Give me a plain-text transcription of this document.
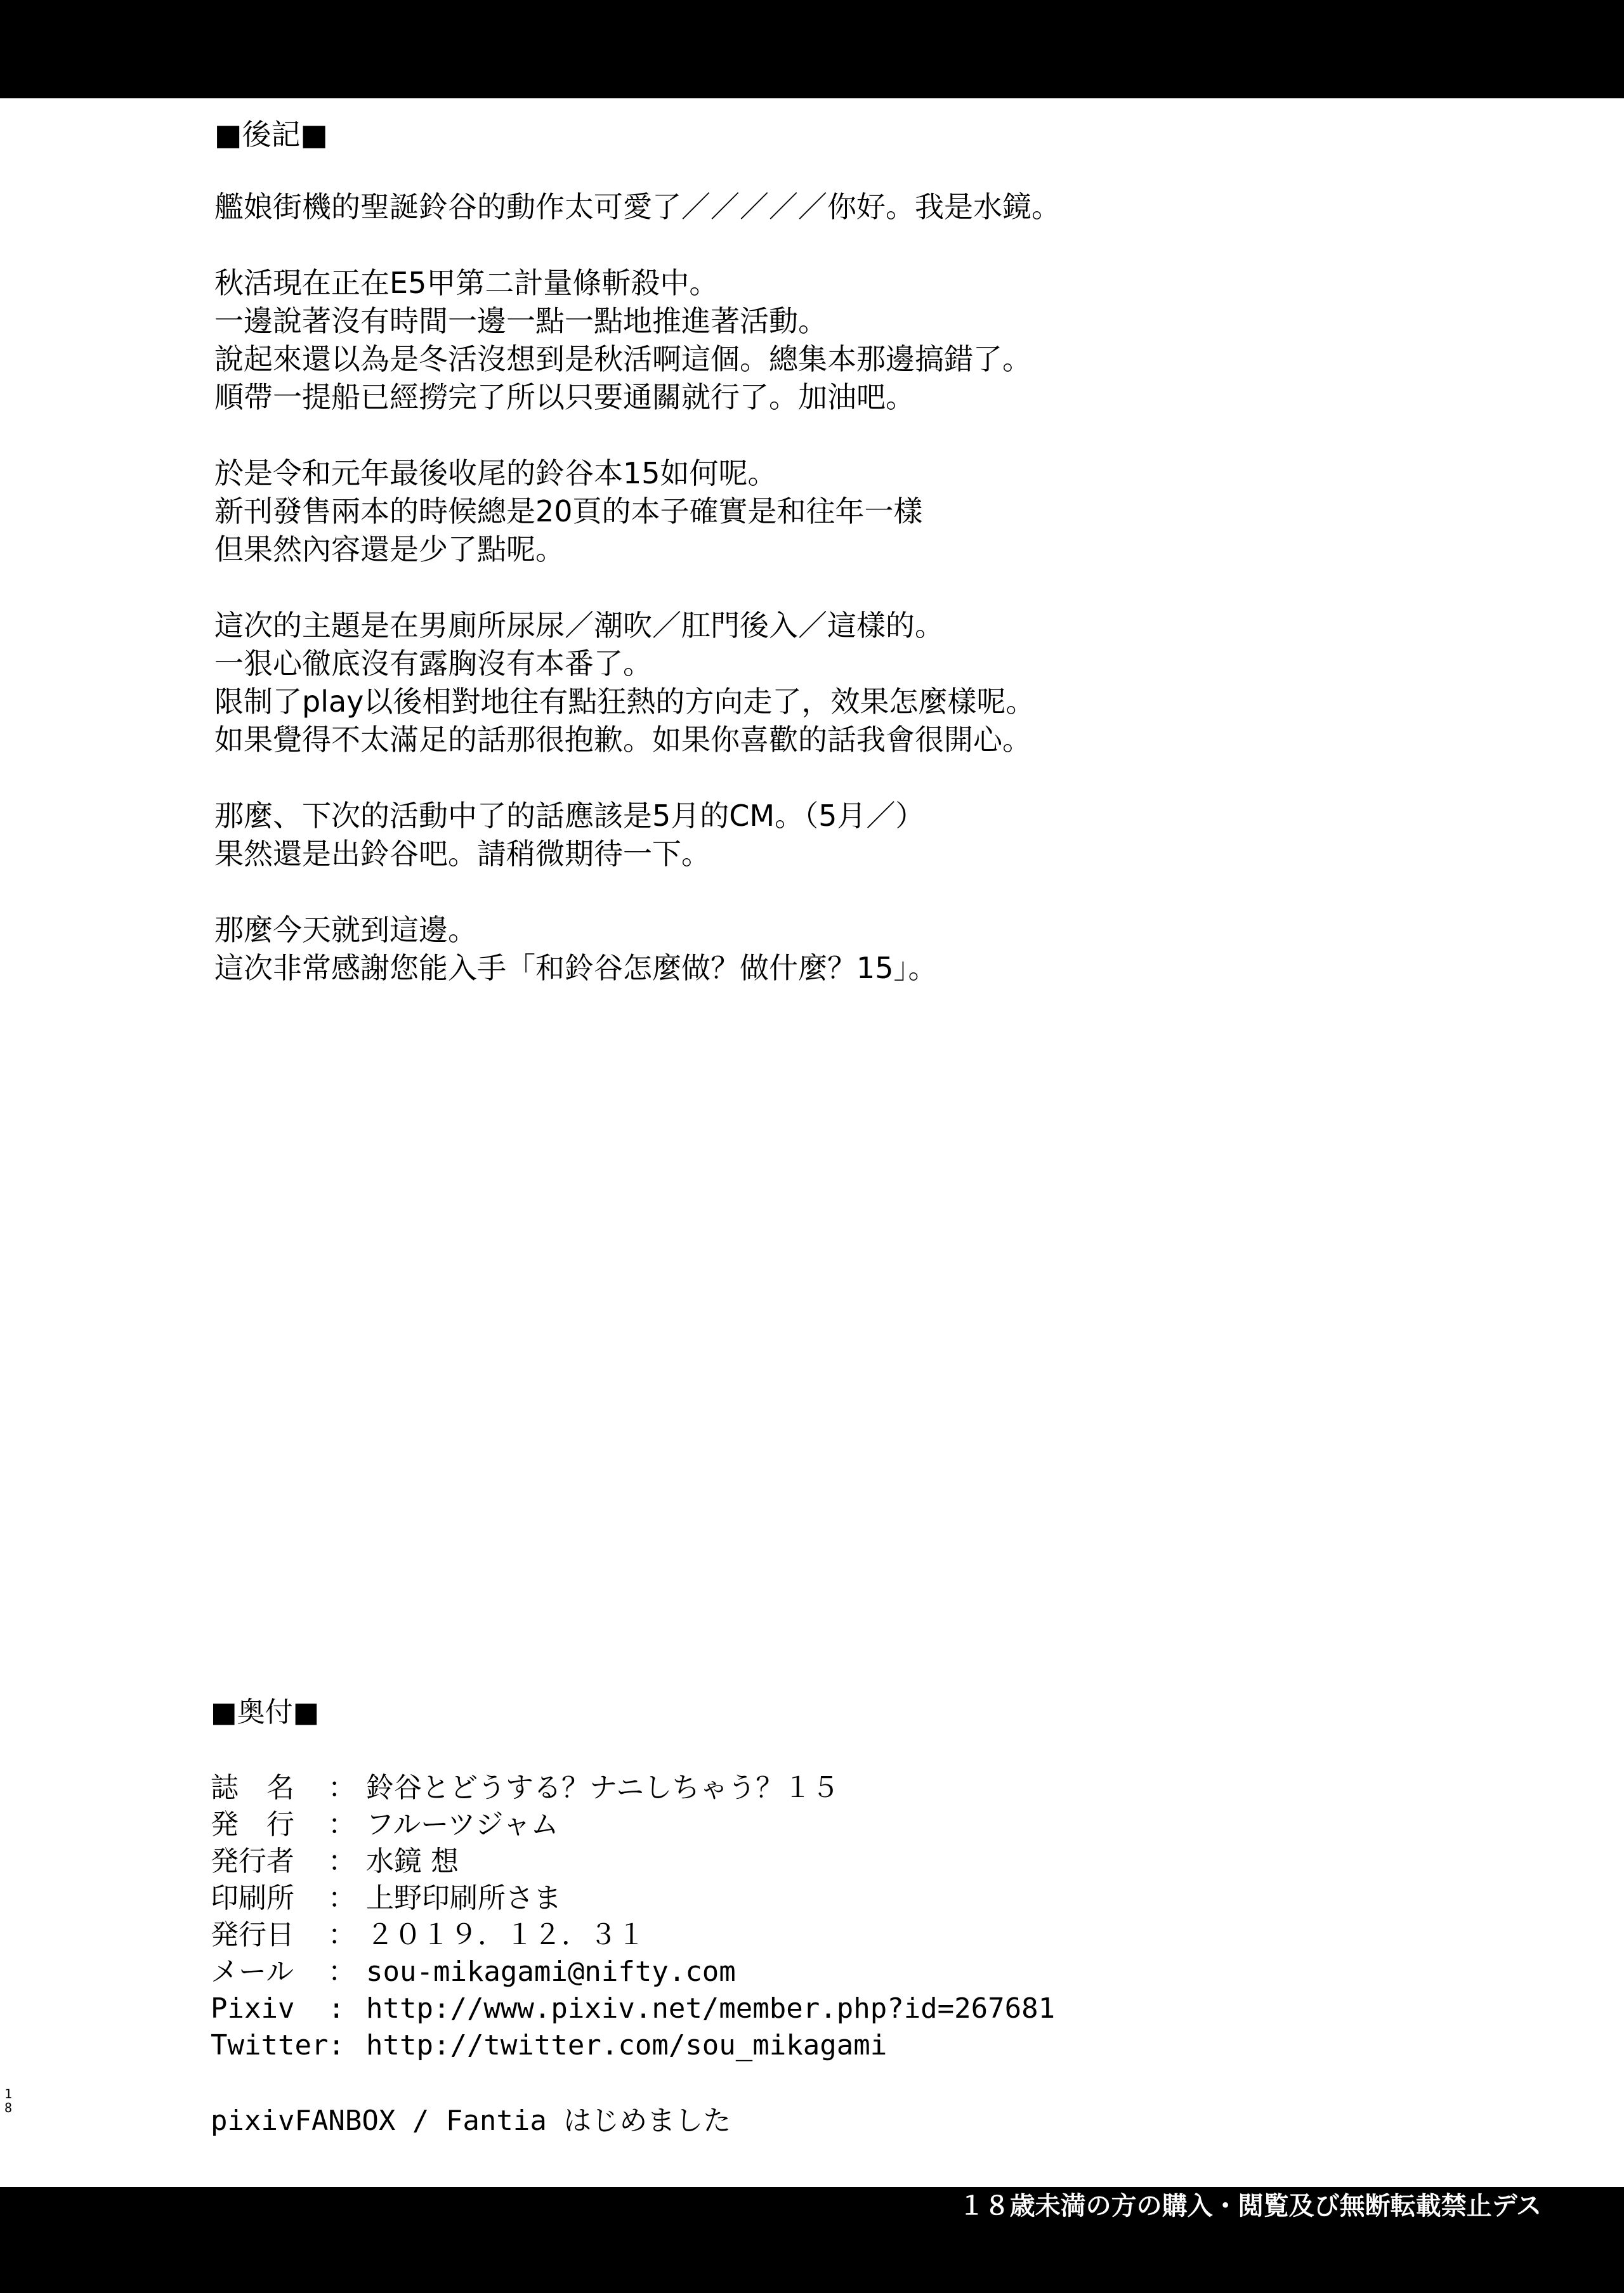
■後記■
艦娘街機的聖誕鈴谷的動作太可愛了／／／／／你好。我是水鏡。
秋活現在正在E5甲第二計量條斬殺中。
一邊說著沒有時間一邊一點一點地推進著活動。
說起來還以為是冬活沒想到是秋活啊這個。總集本那邊搞錯了。
順帶一提船已經撈完了所以只要通關就行了。加油吧。
於是令和元年最後收尾的鈴谷本15如何呢。
新刊發售兩本的時候總是20頁的本子確實是和往年一樣
但果然內容還是少了點呢。
這次的主題是在男廁所尿尿／潮吹／肛門後入／這樣的。
一狠心徹底沒有露胸沒有本番了。
限制了play以後相對地往有點狂熱的方向走了，效果怎麼樣呢。
如果覺得不太滿足的話那很抱歉。如果你喜歡的話我會很開心。
那麼、下次的活動中了的話應該是5月的CM。（5月／）
果然還是出鈴谷吧。請稍微期待一下。
那麼今天就到這邊。
這次非常感謝您能入手「和鈴谷怎麼做？做什麼？15」。
■奥付■
誌　名	： 鈴谷とどうする？ナニしちゃう？１５
発　行	： フルーツジャム
発行者	： 水鏡 想
印刷所	： 上野印刷所さま
発行日	： ２０１９．１２．３１
メール	： sou-mikagami@nifty.com
Pixiv	: http://www.pixiv.net/member.php?id=267681
Twitter : http://twitter.com/sou_mikagami
pixivFANBOX / Fantia はじめました
18
１８歳未満の方の購入・閲覧及び無断転載禁止デス
